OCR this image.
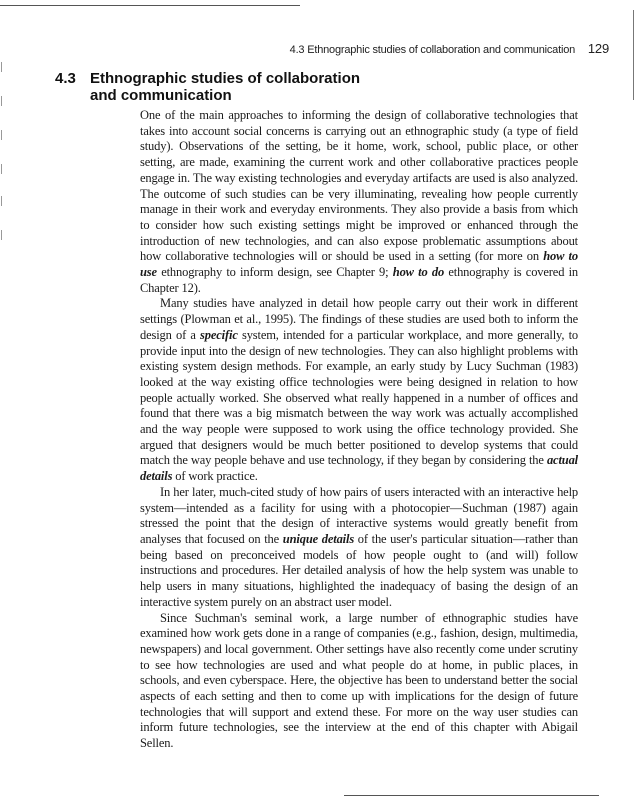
4.3 Ethnographic studies of collaboration and communication 129
4.3 Ethnographic studies of collaboration
and communication

One of the main approaches to informing the design of collaborative technologies that takes into account social concerns is carrying out an ethnographic study (a type of field study). Observations of the setting, be it home, work, school, public place, or other setting, are made, examining the current work and other collaborative practices people engage in. The way existing technologies and everyday artifacts are used is also analyzed. The outcome of such studies can be very illuminating, revealing how people currently manage in their work and everyday environments. They also provide a basis from which to consider how such existing settings might be improved or enhanced through the introduction of new technologies, and can also expose problematic assumptions about how collaborative technologies will or should be used in a setting (for more on how to use ethnography to inform design, see Chapter 9; how to do ethnography is covered in Chapter 12).

Many studies have analyzed in detail how people carry out their work in different settings (Plowman et al., 1995). The findings of these studies are used both to inform the design of a specific system, intended for a particular workplace, and more generally, to provide input into the design of new technologies. They can also highlight problems with existing system design methods. For example, an early study by Lucy Suchman (1983) looked at the way existing office technologies were being designed in relation to how people actually worked. She observed what really happened in a number of offices and found that there was a big mismatch between the way work was actually accomplished and the way people were supposed to work using the office technology provided. She argued that designers would be much better positioned to develop systems that could match the way people behave and use technology, if they began by considering the actual details of work practice.

In her later, much-cited study of how pairs of users interacted with an interactive help system—intended as a facility for using with a photocopier—Suchman (1987) again stressed the point that the design of interactive systems would greatly benefit from analyses that focused on the unique details of the user's particular situation—rather than being based on preconceived models of how people ought to (and will) follow instructions and procedures. Her detailed analysis of how the help system was unable to help users in many situations, highlighted the inadequacy of basing the design of an interactive system purely on an abstract user model.

Since Suchman's seminal work, a large number of ethnographic studies have examined how work gets done in a range of companies (e.g., fashion, design, multimedia, newspapers) and local government. Other settings have also recently come under scrutiny to see how technologies are used and what people do at home, in public places, in schools, and even cyberspace. Here, the objective has been to understand better the social aspects of each setting and then to come up with implications for the design of future technologies that will support and extend these. For more on the way user studies can inform future technologies, see the interview at the end of this chapter with Abigail Sellen.
